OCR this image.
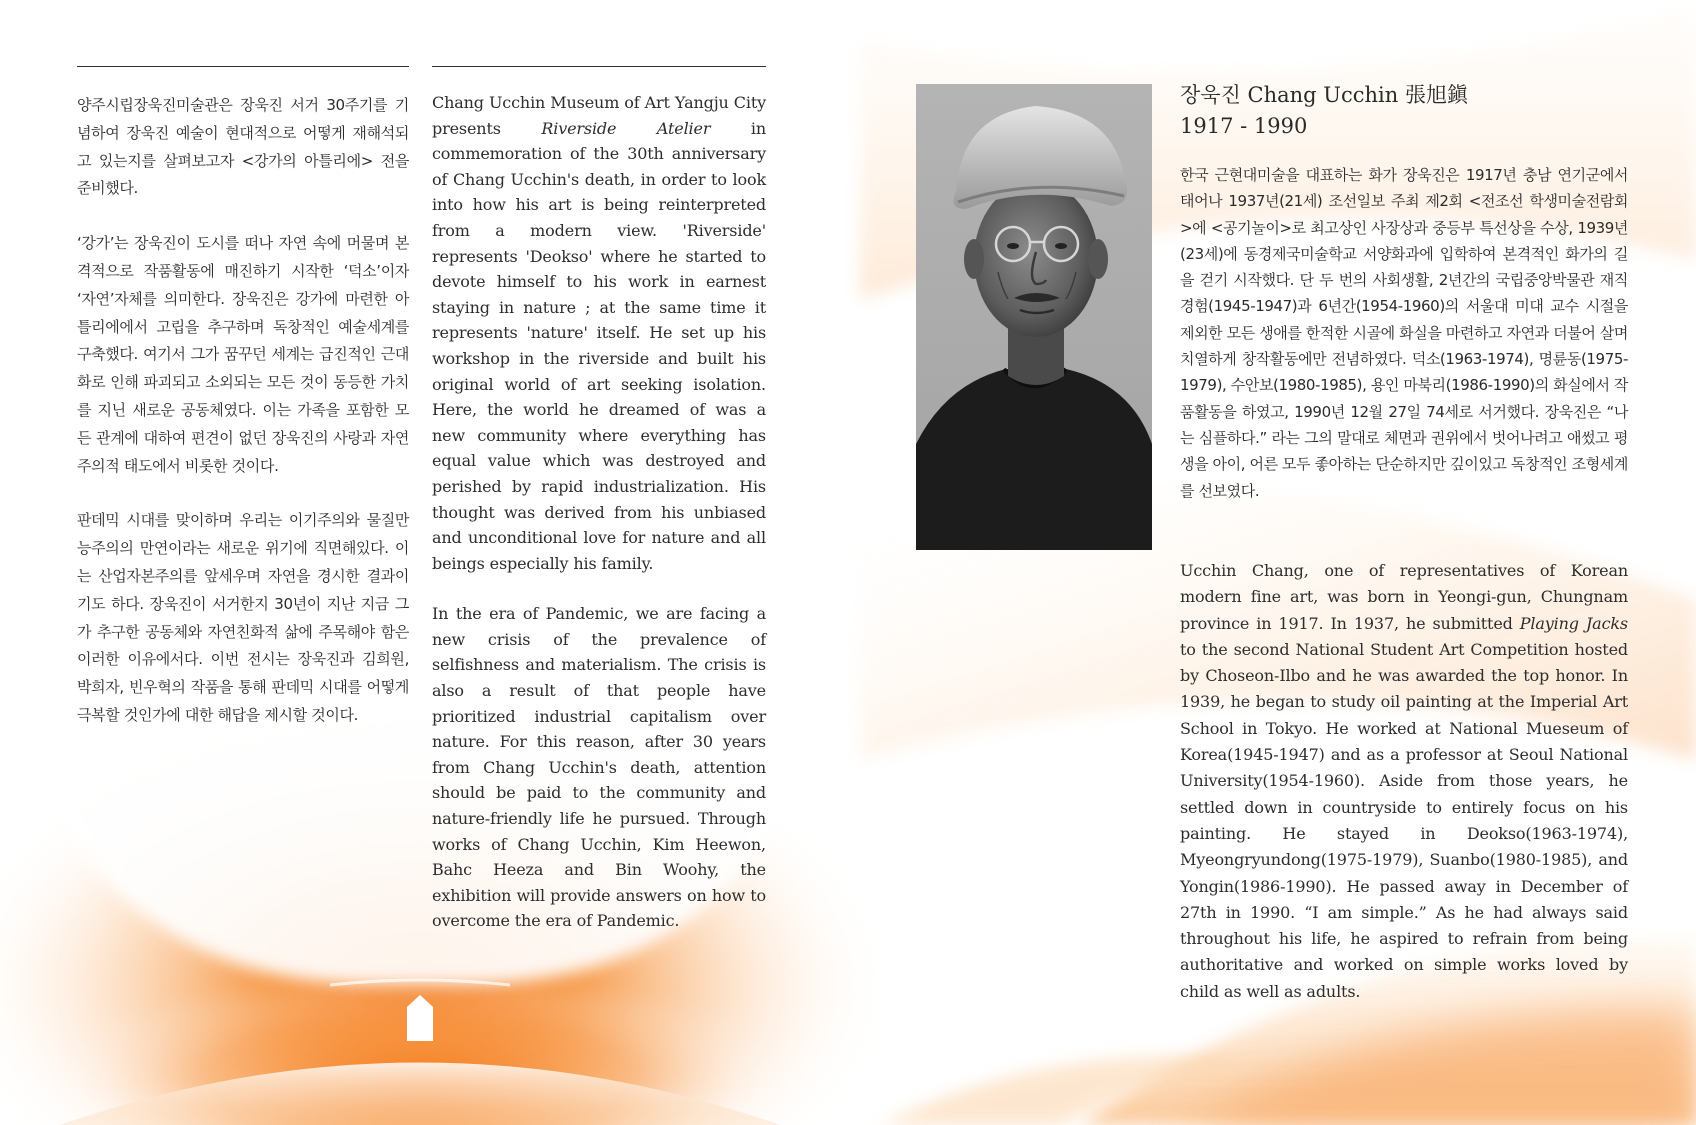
양주시립장욱진미술관은 장욱진 서거 30주기를 기념하여 장욱진 예술이 현대적으로 어떻게 재해석되고 있는지를 살펴보고자 <강가의 아틀리에> 전을 준비했다.

‘강가’는 장욱진이 도시를 떠나 자연 속에 머물며 본격적으로 작품활동에 매진하기 시작한 ‘덕소’이자 ‘자연’자체를 의미한다. 장욱진은 강가에 마련한 아틀리에에서 고립을 추구하며 독창적인 예술세계를 구축했다. 여기서 그가 꿈꾸던 세계는 급진적인 근대화로 인해 파괴되고 소외되는 모든 것이 동등한 가치를 지닌 새로운 공동체였다. 이는 가족을 포함한 모든 관계에 대하여 편견이 없던 장욱진의 사랑과 자연주의적 태도에서 비롯한 것이다.

판데믹 시대를 맞이하며 우리는 이기주의와 물질만능주의의 만연이라는 새로운 위기에 직면해있다. 이는 산업자본주의를 앞세우며 자연을 경시한 결과이기도 하다. 장욱진이 서거한지 30년이 지난 지금 그가 추구한 공동체와 자연친화적 삶에 주목해야 함은 이러한 이유에서다. 이번 전시는 장욱진과 김희원, 박희자, 빈우혁의 작품을 통해 판데믹 시대를 어떻게 극복할 것인가에 대한 해답을 제시할 것이다.

Chang Ucchin Museum of Art Yangju City presents Riverside Atelier in commemoration of the 30th anniversary of Chang Ucchin's death, in order to look into how his art is being reinterpreted from a modern view. 'Riverside' represents 'Deokso' where he started to devote himself to his work in earnest staying in nature ; at the same time it represents 'nature' itself. He set up his workshop in the riverside and built his original world of art seeking isolation. Here, the world he dreamed of was a new community where everything has equal value which was destroyed and perished by rapid industrialization. His thought was derived from his unbiased and unconditional love for nature and all beings especially his family.

In the era of Pandemic, we are facing a new crisis of the prevalence of selfishness and materialism. The crisis is also a result of that people have prioritized industrial capitalism over nature. For this reason, after 30 years from Chang Ucchin's death, attention should be paid to the community and nature-friendly life he pursued. Through works of Chang Ucchin, Kim Heewon, Bahc Heeza and Bin Woohy, the exhibition will provide answers on how to overcome the era of Pandemic.

장욱진 Chang Ucchin 張旭鎭
1917 - 1990

한국 근현대미술을 대표하는 화가 장욱진은 1917년 충남 연기군에서 태어나 1937년(21세) 조선일보 주최 제2회 <전조선 학생미술전람회>에 <공기놀이>로 최고상인 사장상과 중등부 특선상을 수상, 1939년(23세)에 동경제국미술학교 서양화과에 입학하여 본격적인 화가의 길을 걷기 시작했다. 단 두 번의 사회생활, 2년간의 국립중앙박물관 재직 경험(1945-1947)과 6년간(1954-1960)의 서울대 미대 교수 시절을 제외한 모든 생애를 한적한 시골에 화실을 마련하고 자연과 더불어 살며 치열하게 창작활동에만 전념하였다. 덕소(1963-1974), 명륜동(1975-1979), 수안보(1980-1985), 용인 마북리(1986-1990)의 화실에서 작품활동을 하였고, 1990년 12월 27일 74세로 서거했다. 장욱진은 “나는 심플하다.” 라는 그의 말대로 체면과 권위에서 벗어나려고 애썼고 평생을 아이, 어른 모두 좋아하는 단순하지만 깊이있고 독창적인 조형세계를 선보였다.

Ucchin Chang, one of representatives of Korean modern fine art, was born in Yeongi-gun, Chungnam province in 1917. In 1937, he submitted Playing Jacks to the second National Student Art Competition hosted by Choseon-Ilbo and he was awarded the top honor. In 1939, he began to study oil painting at the Imperial Art School in Tokyo. He worked at National Mueseum of Korea(1945-1947) and as a professor at Seoul National University(1954-1960). Aside from those years, he settled down in countryside to entirely focus on his painting. He stayed in Deokso(1963-1974), Myeongryundong(1975-1979), Suanbo(1980-1985), and Yongin(1986-1990). He passed away in December of 27th in 1990. “I am simple.” As he had always said throughout his life, he aspired to refrain from being authoritative and worked on simple works loved by child as well as adults.
